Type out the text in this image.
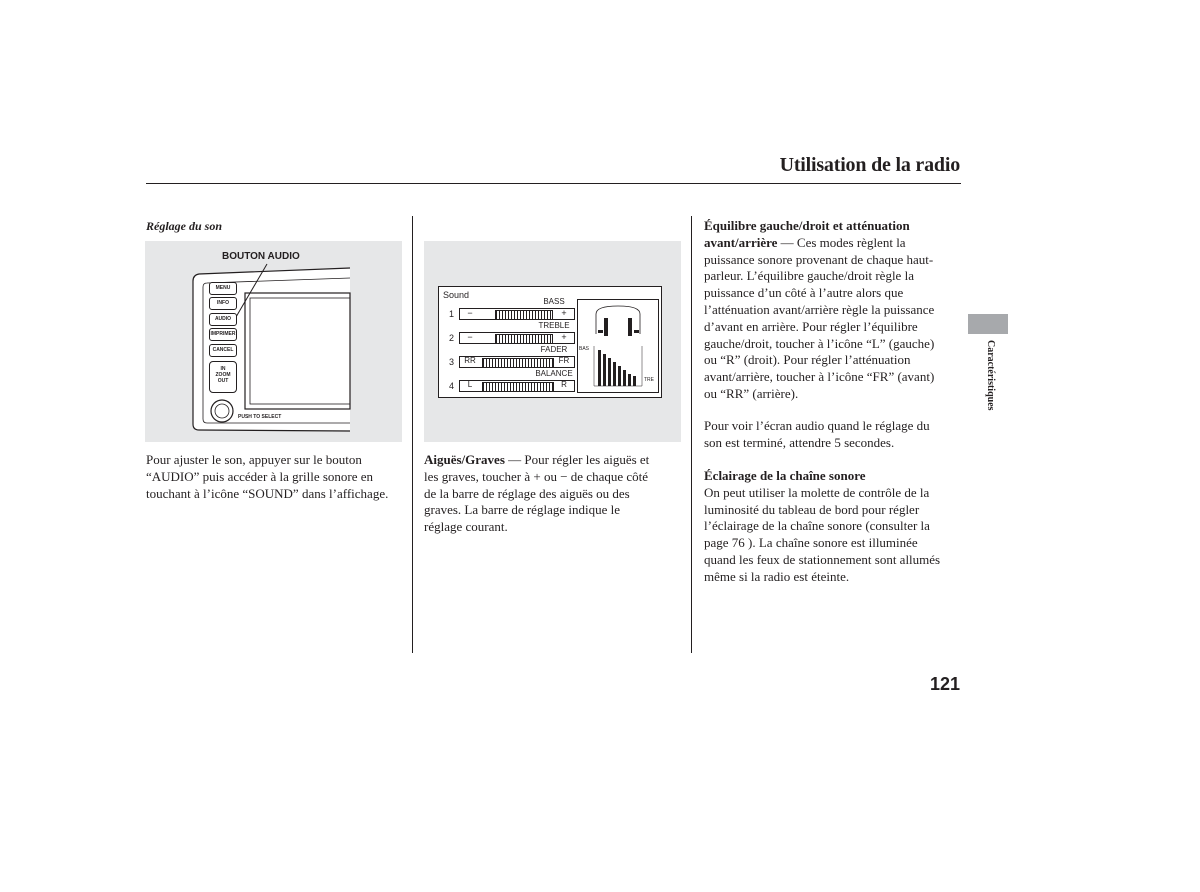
Utilisation de la radio
Caractéristiques
121
Réglage du son
BOUTON AUDIO
MENU
INFO
AUDIO
IMPRIMER
CANCEL
IN
ZOOM
OUT
PUSH TO SELECT
Pour ajuster le son, appuyer sur le bouton
“AUDIO” puis accéder à la grille sonore en
touchant à l’icône “SOUND” dans l’affichage.
Sound
BASS
1	−	+
TREBLE
2	−	+
FADER
3	RR	FR
BALANCE
4	L	R
BAS
TRE
Aiguës/Graves — Pour régler les aiguës et
les graves, toucher à + ou − de chaque côté
de la barre de réglage des aiguës ou des
graves. La barre de réglage indique le
réglage courant.
Équilibre gauche/droit et atténuation
avant/arrière — Ces modes règlent la
puissance sonore provenant de chaque haut-
parleur. L’équilibre gauche/droit règle la
puissance d’un côté à l’autre alors que
l’atténuation avant/arrière règle la puissance
d’avant en arrière. Pour régler l’équilibre
gauche/droit, toucher à l’icône “L” (gauche)
ou “R” (droit). Pour régler l’atténuation
avant/arrière, toucher à l’icône “FR” (avant)
ou “RR” (arrière).
Pour voir l’écran audio quand le réglage du
son est terminé, attendre 5 secondes.
Éclairage de la chaîne sonore
On peut utiliser la molette de contrôle de la
luminosité du tableau de bord pour régler
l’éclairage de la chaîne sonore (consulter la
page 76 ). La chaîne sonore est illuminée
quand les feux de stationnement sont allumés
même si la radio est éteinte.
